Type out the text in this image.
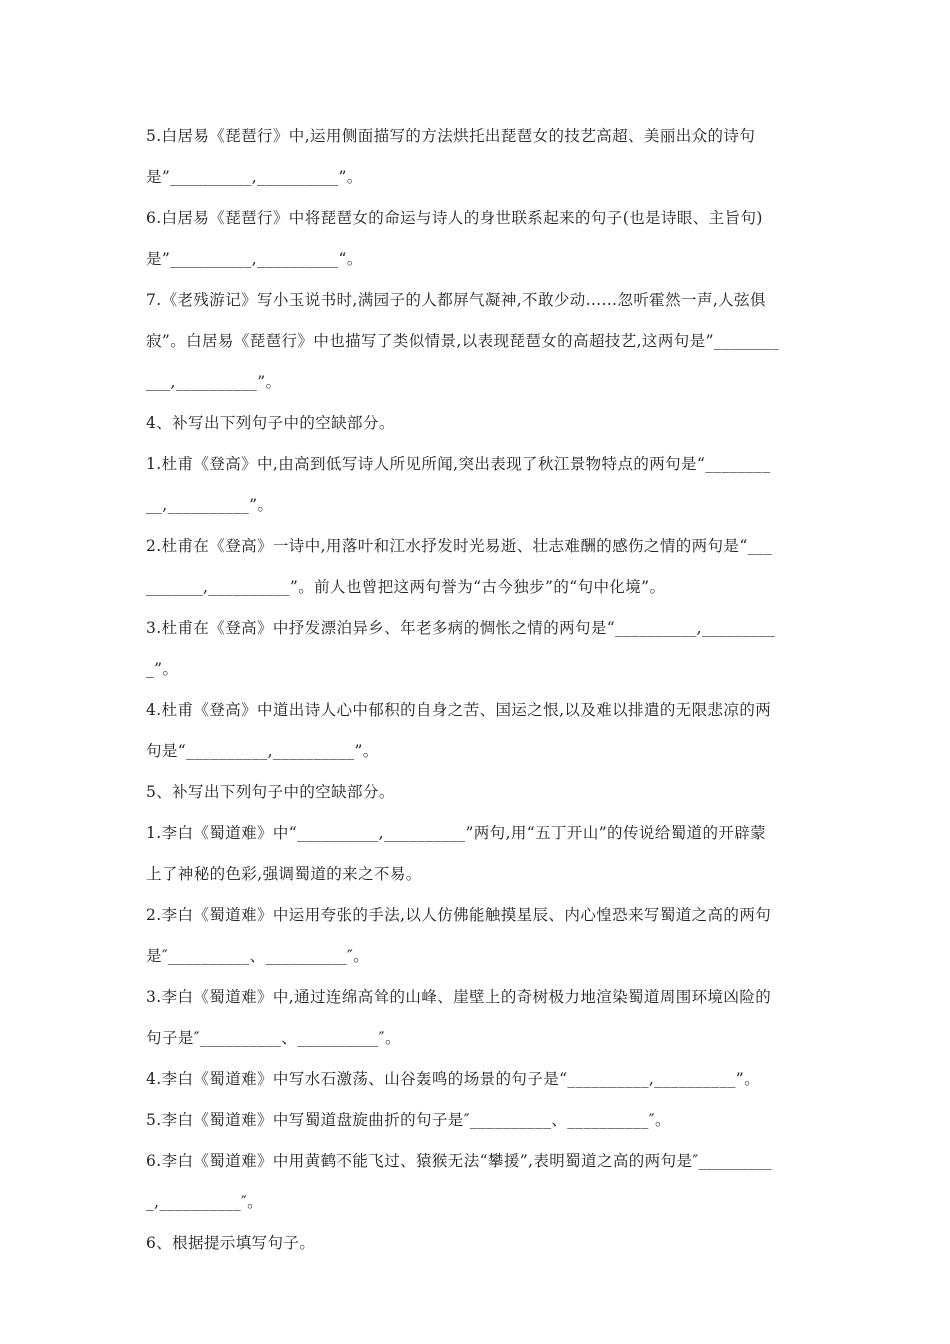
5.白居易《琵琶行》中,运用侧面描写的方法烘托出琵琶女的技艺高超、美丽出众的诗句
是”__________,__________”。
6.白居易《琵琶行》中将琵琶女的命运与诗人的身世联系起来的句子(也是诗眼、主旨句)
是”__________,__________“。
7.《老残游记》写小玉说书时,满园子的人都屏气凝神,不敢少动……忽听霍然一声,人弦俱
寂”。白居易《琵琶行》中也描写了类似情景,以表现琵琶女的高超技艺,这两句是”________
___,__________”。
4、补写出下列句子中的空缺部分。
1.杜甫《登高》中,由高到低写诗人所见所闻,突出表现了秋江景物特点的两句是“________
__,__________”。
2.杜甫在《登高》一诗中,用落叶和江水抒发时光易逝、壮志难酬的感伤之情的两句是“___
_______,__________”。前人也曾把这两句誉为“古今独步”的“句中化境”。
3.杜甫在《登高》中抒发漂泊异乡、年老多病的惆怅之情的两句是“__________,_________
_”。
4.杜甫《登高》中道出诗人心中郁积的自身之苦、国运之恨,以及难以排遣的无限悲凉的两
句是“__________,__________”。
5、补写出下列句子中的空缺部分。
1.李白《蜀道难》中“__________,__________”两句,用“五丁开山”的传说给蜀道的开辟蒙
上了神秘的色彩,强调蜀道的来之不易。
2.李白《蜀道难》中运用夸张的手法,以人仿佛能触摸星辰、内心惶恐来写蜀道之高的两句
是″__________、__________″。
3.李白《蜀道难》中,通过连绵高耸的山峰、崖壁上的奇树极力地渲染蜀道周围环境凶险的
句子是″__________、__________″。
4.李白《蜀道难》中写水石激荡、山谷轰鸣的场景的句子是“__________,__________”。
5.李白《蜀道难》中写蜀道盘旋曲折的句子是″__________、__________″。
6.李白《蜀道难》中用黄鹤不能飞过、猿猴无法“攀援”,表明蜀道之高的两句是″_________
_,__________″。
6、根据提示填写句子。
